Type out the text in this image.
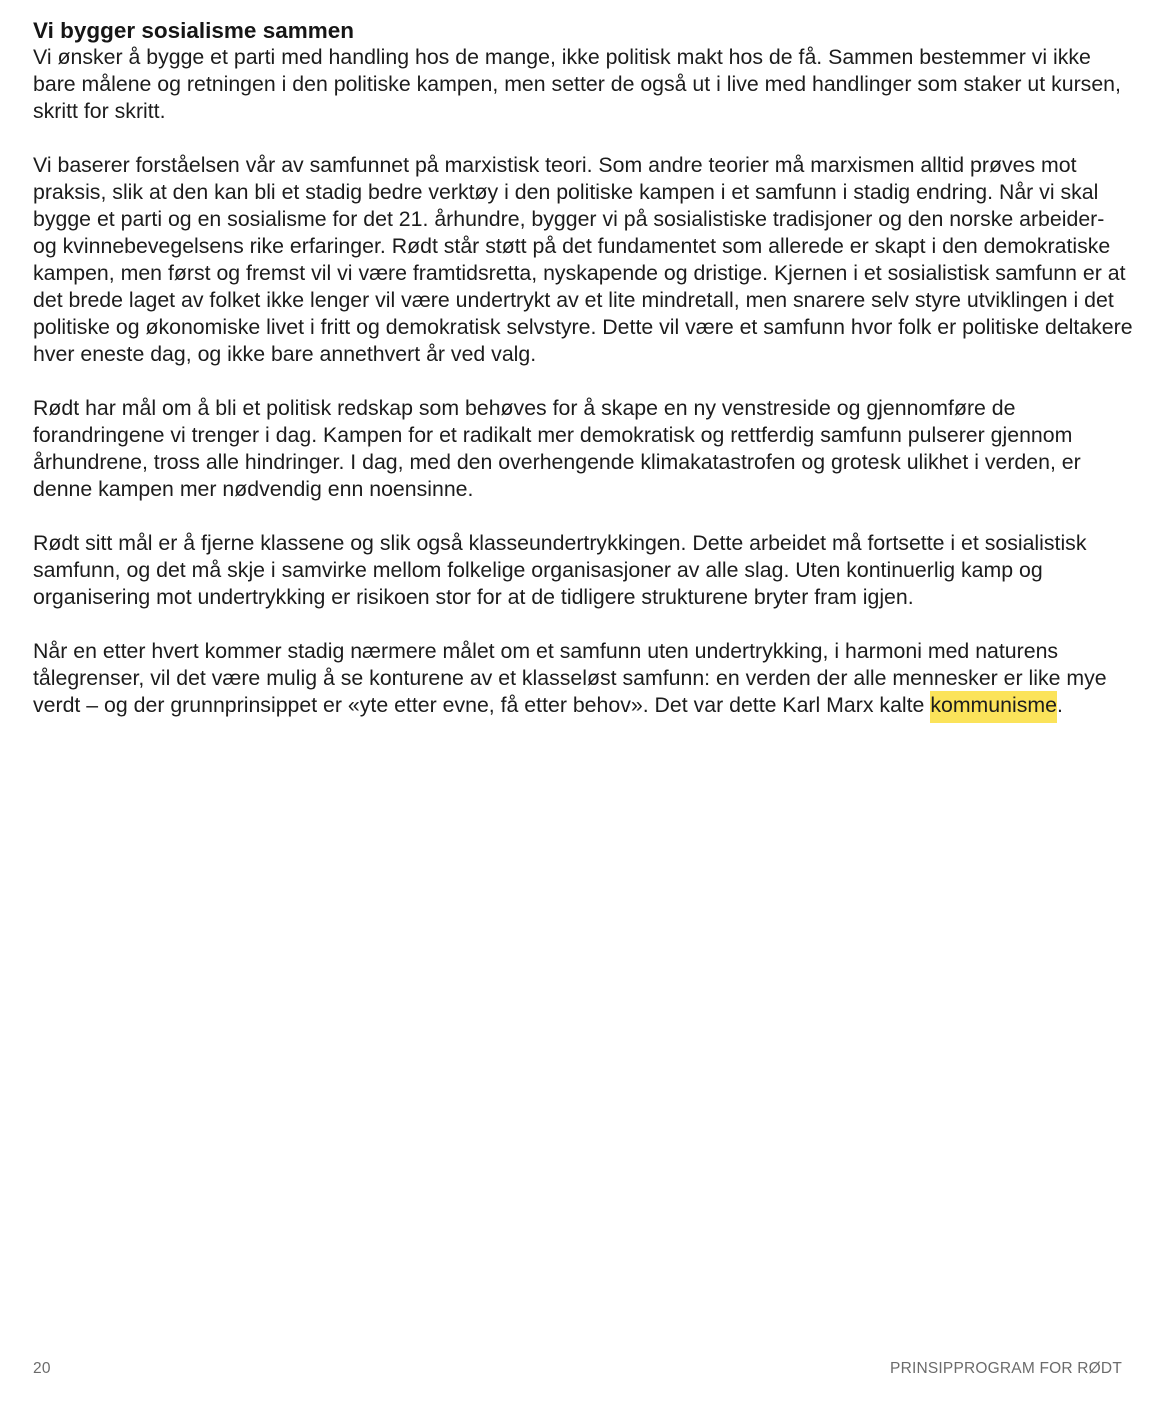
Vi bygger sosialisme sammen

Vi ønsker å bygge et parti med handling hos de mange, ikke politisk makt hos de få. Sammen bestemmer vi ikke bare målene og retningen i den politiske kampen, men setter de også ut i live med handlinger som staker ut kursen, skritt for skritt.

Vi baserer forståelsen vår av samfunnet på marxistisk teori. Som andre teorier må marxismen alltid prøves mot praksis, slik at den kan bli et stadig bedre verktøy i den politiske kampen i et samfunn i stadig endring. Når vi skal bygge et parti og en sosialisme for det 21. århundre, bygger vi på sosialistiske tradisjoner og den norske arbeider- og kvinnebevegelsens rike erfaringer. Rødt står støtt på det fundamentet som allerede er skapt i den demokratiske kampen, men først og fremst vil vi være framtidsretta, nyskapende og dristige. Kjernen i et sosialistisk samfunn er at det brede laget av folket ikke lenger vil være undertrykt av et lite mindretall, men snarere selv styre utviklingen i det politiske og økonomiske livet i fritt og demokratisk selvstyre. Dette vil være et samfunn hvor folk er politiske deltakere hver eneste dag, og ikke bare annethvert år ved valg.

Rødt har mål om å bli et politisk redskap som behøves for å skape en ny venstreside og gjennomføre de forandringene vi trenger i dag. Kampen for et radikalt mer demokratisk og rettferdig samfunn pulserer gjennom århundrene, tross alle hindringer. I dag, med den overhengende klimakatastrofen og grotesk ulikhet i verden, er denne kampen mer nødvendig enn noensinne.

Rødt sitt mål er å fjerne klassene og slik også klasseundertrykkingen. Dette arbeidet må fortsette i et sosialistisk samfunn, og det må skje i samvirke mellom folkelige organisasjoner av alle slag. Uten kontinuerlig kamp og organisering mot undertrykking er risikoen stor for at de tidligere strukturene bryter fram igjen.

Når en etter hvert kommer stadig nærmere målet om et samfunn uten undertrykking, i harmoni med naturens tålegrenser, vil det være mulig å se konturene av et klasseløst samfunn: en verden der alle mennesker er like mye verdt – og der grunnprinsippet er «yte etter evne, få etter behov». Det var dette Karl Marx kalte kommunisme.

20	PRINSIPPROGRAM FOR RØDT
